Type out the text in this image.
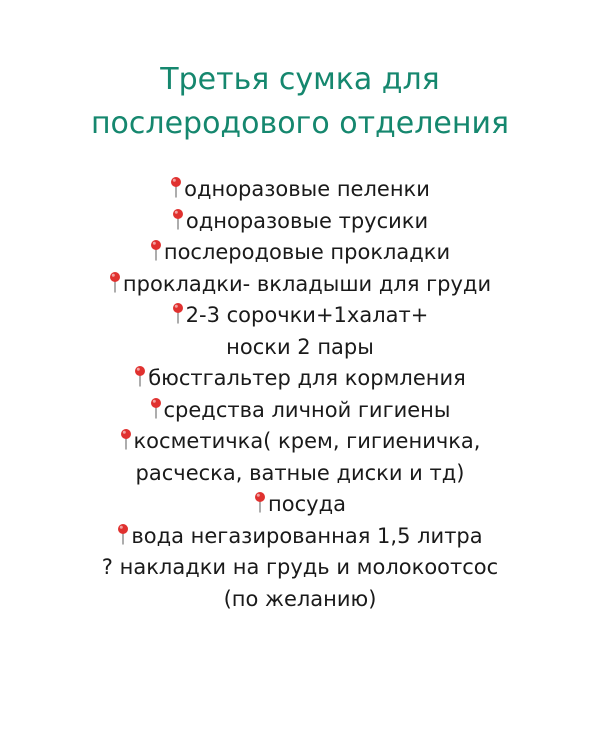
Третья сумка для
послеродового отделения
одноразовые пеленки
одноразовые трусики
послеродовые прокладки
прокладки- вкладыши для груди
2-3 сорочки+1халат+
носки 2 пары
бюстгальтер для кормления
средства личной гигиены
косметичка( крем, гигиеничка,
расческа, ватные диски и тд)
посуда
вода негазированная 1,5 литра
? накладки на грудь и молокоотсос
(по желанию)
